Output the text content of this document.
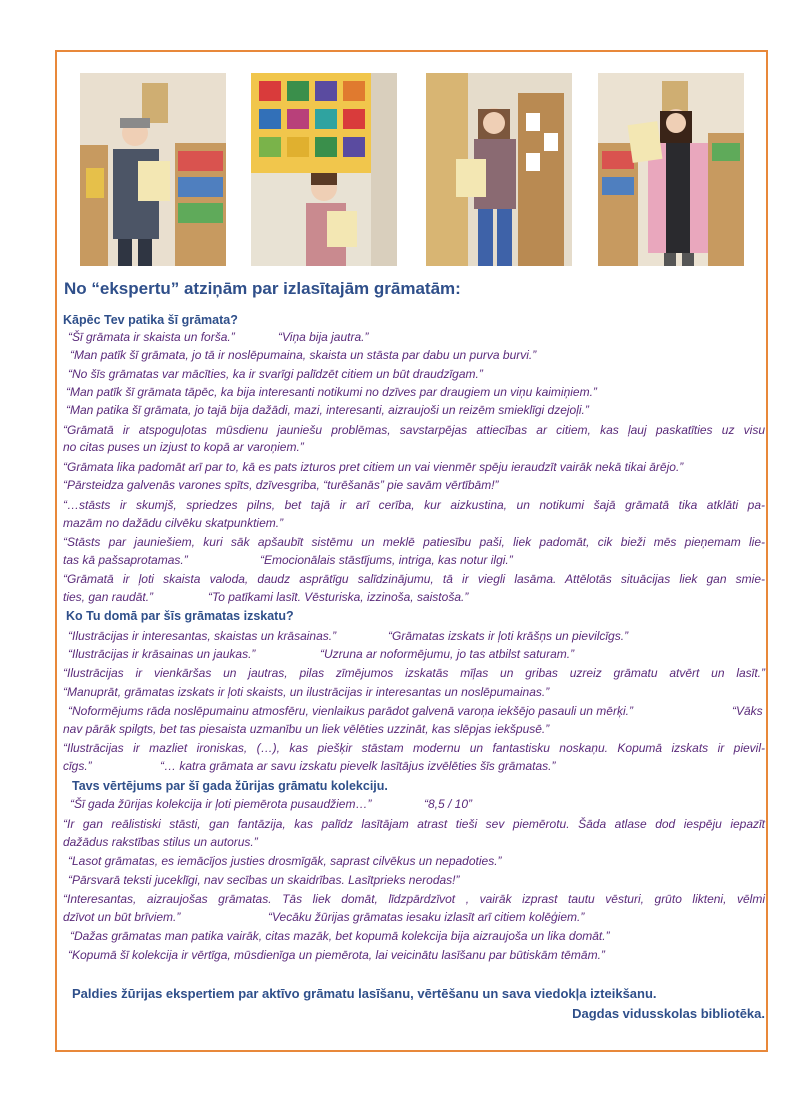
No “ekspertu” atziņām par izlasītajām grāmatām:
Kāpēc Tev patika šī grāmata?
“Šī grāmata ir skaista un forša.”	“Viņa bija jautra.”
“Man patīk šī grāmata, jo tā ir noslēpumaina, skaista un stāsta par dabu un purva burvi.”
“No šīs grāmatas var mācīties, ka ir svarīgi palīdzēt citiem un būt draudzīgam.”
“Man patīk šī grāmata tāpēc, ka bija interesanti notikumi no dzīves par draugiem un viņu kaimiņiem.”
“Man patika šī grāmata, jo tajā bija dažādi, mazi, interesanti, aizraujoši un reizēm smieklīgi dzejoļi.”
“Grāmatā ir atspoguļotas mūsdienu jauniešu problēmas, savstarpējas attiecības ar citiem, kas ļauj paskatīties uz visu
no citas puses un izjust to kopā ar varoņiem.”
“Grāmata lika padomāt arī par to, kā es pats izturos pret citiem un vai vienmēr spēju ieraudzīt vairāk nekā tikai ārējo.”
“Pārsteidza galvenās varones spīts, dzīvesgriba, “turēšanās” pie savām vērtībām!”
“…stāsts ir skumjš, spriedzes pilns, bet tajā ir arī cerība, kur aizkustina, un notikumi šajā grāmatā tika atklāti pa-
mazām no dažādu cilvēku skatpunktiem.”
“Stāsts par jauniešiem, kuri sāk apšaubīt sistēmu un meklē patiesību paši, liek padomāt, cik bieži mēs pieņemam lie-
tas kā pašsaprotamas.”	“Emocionālais stāstījums, intriga, kas notur ilgi.”
“Grāmatā ir ļoti skaista valoda, daudz asprātīgu salīdzinājumu, tā ir viegli lasāma. Attēlotās situācijas liek gan smie-
ties, gan raudāt.”	“To patīkami lasīt. Vēsturiska, izzinoša, saistoša.”
Ko Tu domā par šīs grāmatas izskatu?
“Ilustrācijas ir interesantas, skaistas un krāsainas.”	“Grāmatas izskats ir ļoti krāšņs un pievilcīgs.”
“Ilustrācijas ir krāsainas un jaukas.”	“Uzruna ar noformējumu, jo tas atbilst saturam.”
“Ilustrācijas ir vienkāršas un jautras, pilas zīmējumos izskatās mīļas un gribas uzreiz grāmatu atvērt un lasīt.”
“Manuprāt, grāmatas izskats ir ļoti skaists, un ilustrācijas ir interesantas un noslēpumainas.”
“Noformējums rāda noslēpumainu atmosfēru, vienlaikus parādot galvenā varoņa iekšējo pasauli un mērķi.”	“Vāks
nav pārāk spilgts, bet tas piesaista uzmanību un liek vēlēties uzzināt, kas slēpjas iekšpusē.”
“Ilustrācijas ir mazliet ironiskas, (…), kas piešķir stāstam modernu un fantastisku noskaņu. Kopumā izskats ir pievil-
cīgs.”	“… katra grāmata ar savu izskatu pievelk lasītājus izvēlēties šīs grāmatas.”
Tavs vērtējums par šī gada žūrijas grāmatu kolekciju.
“Šī gada žūrijas kolekcija ir ļoti piemērota pusaudžiem…”	“8,5 / 10”
“Ir gan reālistiski stāsti, gan fantāzija, kas palīdz lasītājam atrast tieši sev piemērotu. Šāda atlase dod iespēju iepazīt
dažādus rakstības stilus un autorus.”
“Lasot grāmatas, es iemācījos justies drosmīgāk, saprast cilvēkus un nepadoties.”
“Pārsvarā teksti juceklīgi, nav secības un skaidrības. Lasītprieks nerodas!”
“Interesantas, aizraujošas grāmatas. Tās liek domāt, līdzpārdzīvot , vairāk izprast tautu vēsturi, grūto likteni, vēlmi
dzīvot un būt brīviem.”	“Vecāku žūrijas grāmatas iesaku izlasīt arī citiem kolēģiem.”
“Dažas grāmatas man patika vairāk, citas mazāk, bet kopumā kolekcija bija aizraujoša un lika domāt.”
“Kopumā šī kolekcija ir vērtīga, mūsdienīga un piemērota, lai veicinātu lasīšanu par būtiskām tēmām.”
Paldies žūrijas ekspertiem par aktīvo grāmatu lasīšanu, vērtēšanu un sava viedokļa izteikšanu.
Dagdas vidusskolas bibliotēka.
